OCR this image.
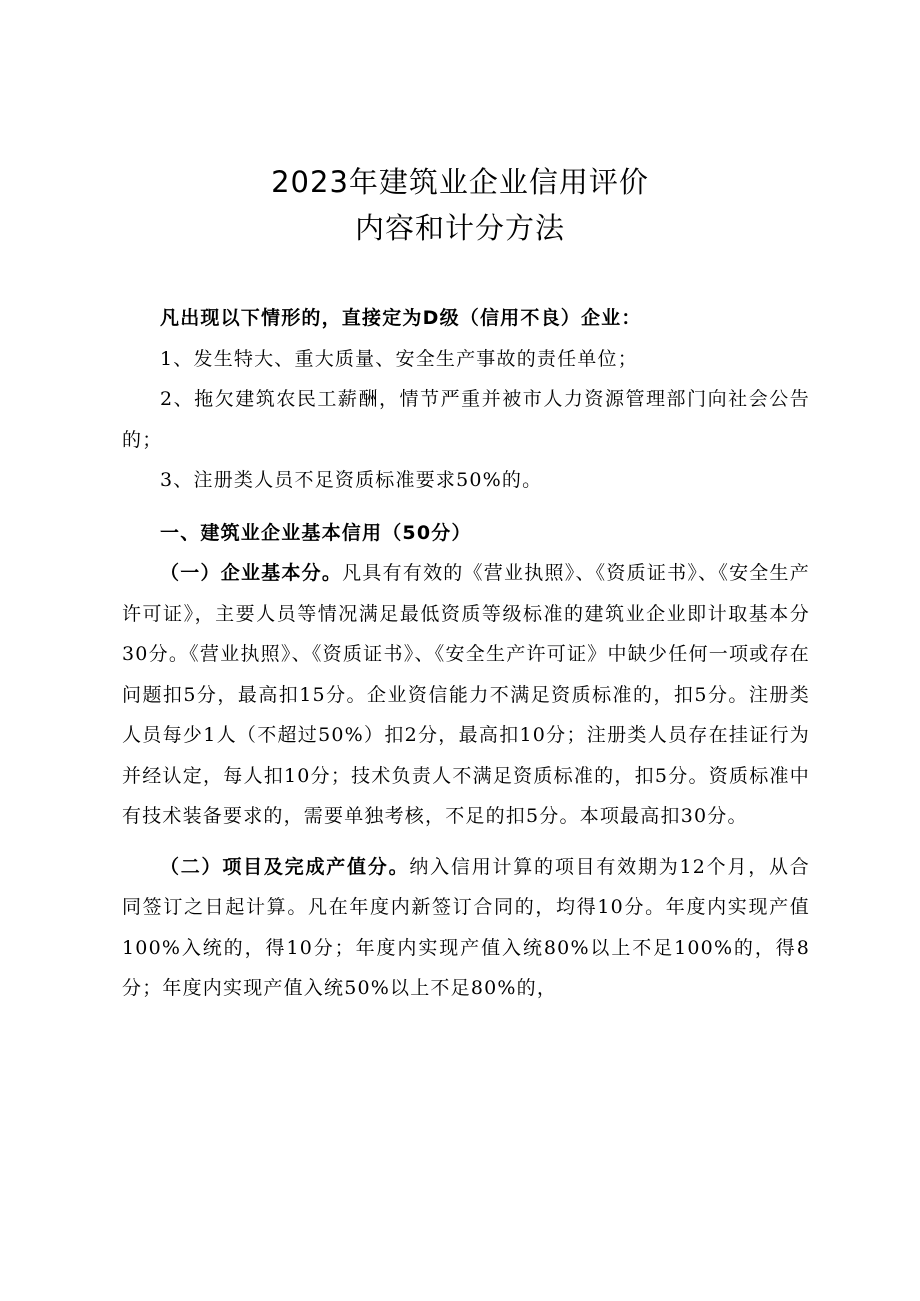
2023年建筑业企业信用评价
内容和计分方法

凡出现以下情形的，直接定为D级（信用不良）企业：

1、发生特大、重大质量、安全生产事故的责任单位；

2、拖欠建筑农民工薪酬，情节严重并被市人力资源管理部门向社会公告的；

3、注册类人员不足资质标准要求50%的。

一、建筑业企业基本信用（50分）

（一）企业基本分。凡具有有效的《营业执照》、《资质证书》、《安全生产许可证》，主要人员等情况满足最低资质等级标准的建筑业企业即计取基本分30分。《营业执照》、《资质证书》、《安全生产许可证》中缺少任何一项或存在问题扣5分，最高扣15分。企业资信能力不满足资质标准的，扣5分。注册类人员每少1人（不超过50%）扣2分，最高扣10分；注册类人员存在挂证行为并经认定，每人扣10分；技术负责人不满足资质标准的，扣5分。资质标准中有技术装备要求的，需要单独考核，不足的扣5分。本项最高扣30分。

（二）项目及完成产值分。纳入信用计算的项目有效期为12个月，从合同签订之日起计算。凡在年度内新签订合同的，均得10分。年度内实现产值100%入统的，得10分；年度内实现产值入统80%以上不足100%的，得8分；年度内实现产值入统50%以上不足80%的，
